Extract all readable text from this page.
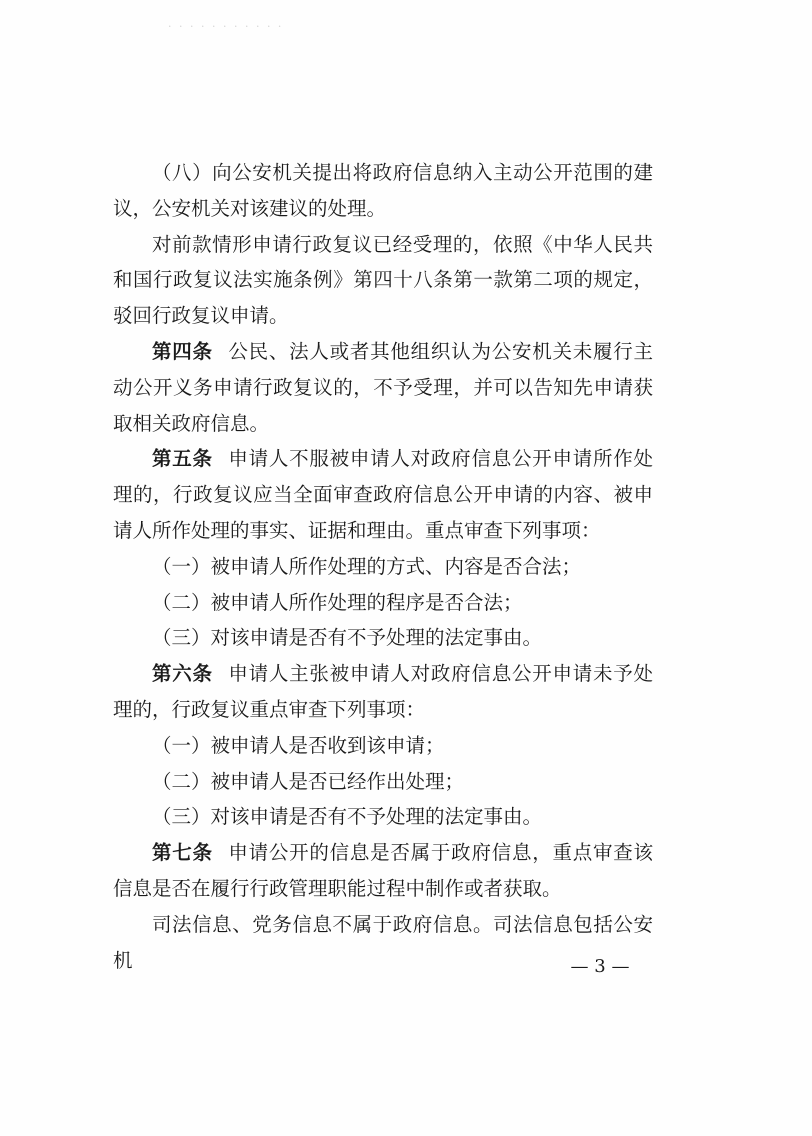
· · · · · · · · · · ·

（八）向公安机关提出将政府信息纳入主动公开范围的建议，公安机关对该建议的处理。

对前款情形申请行政复议已经受理的，依照《中华人民共和国行政复议法实施条例》第四十八条第一款第二项的规定，驳回行政复议申请。

第四条 公民、法人或者其他组织认为公安机关未履行主动公开义务申请行政复议的，不予受理，并可以告知先申请获取相关政府信息。

第五条 申请人不服被申请人对政府信息公开申请所作处理的，行政复议应当全面审查政府信息公开申请的内容、被申请人所作处理的事实、证据和理由。重点审查下列事项：

（一）被申请人所作处理的方式、内容是否合法；

（二）被申请人所作处理的程序是否合法；

（三）对该申请是否有不予处理的法定事由。

第六条 申请人主张被申请人对政府信息公开申请未予处理的，行政复议重点审查下列事项：

（一）被申请人是否收到该申请；

（二）被申请人是否已经作出处理；

（三）对该申请是否有不予处理的法定事由。

第七条 申请公开的信息是否属于政府信息，重点审查该信息是否在履行行政管理职能过程中制作或者获取。

司法信息、党务信息不属于政府信息。司法信息包括公安机	— 3 —
